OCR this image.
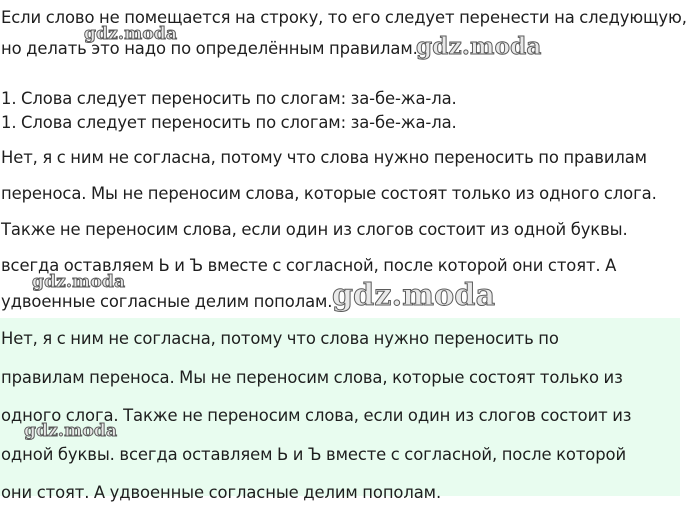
Если слово не помещается на строку, то его следует перенести на следующую,

но делать это надо по определённым правилам.

1. Слова следует переносить по слогам: за-бе-жа-ла.

1. Слова следует переносить по слогам: за-бе-жа-ла.

Нет, я с ним не согласна, потому что слова нужно переносить по правилам

переноса. Мы не переносим слова, которые состоят только из одного слога.

Также не переносим слова, если один из слогов состоит из одной буквы.

всегда оставляем Ь и Ъ вместе с согласной, после которой они стоят. А

удвоенные согласные делим пополам.

Нет, я с ним не согласна, потому что слова нужно переносить по

правилам переноса. Мы не переносим слова, которые состоят только из

одного слога. Также не переносим слова, если один из слогов состоит из

одной буквы. всегда оставляем Ь и Ъ вместе с согласной, после которой

они стоят. А удвоенные согласные делим пополам.

gdz.moda	gdz.moda
gdz.moda	gdz.moda
gdz.moda
